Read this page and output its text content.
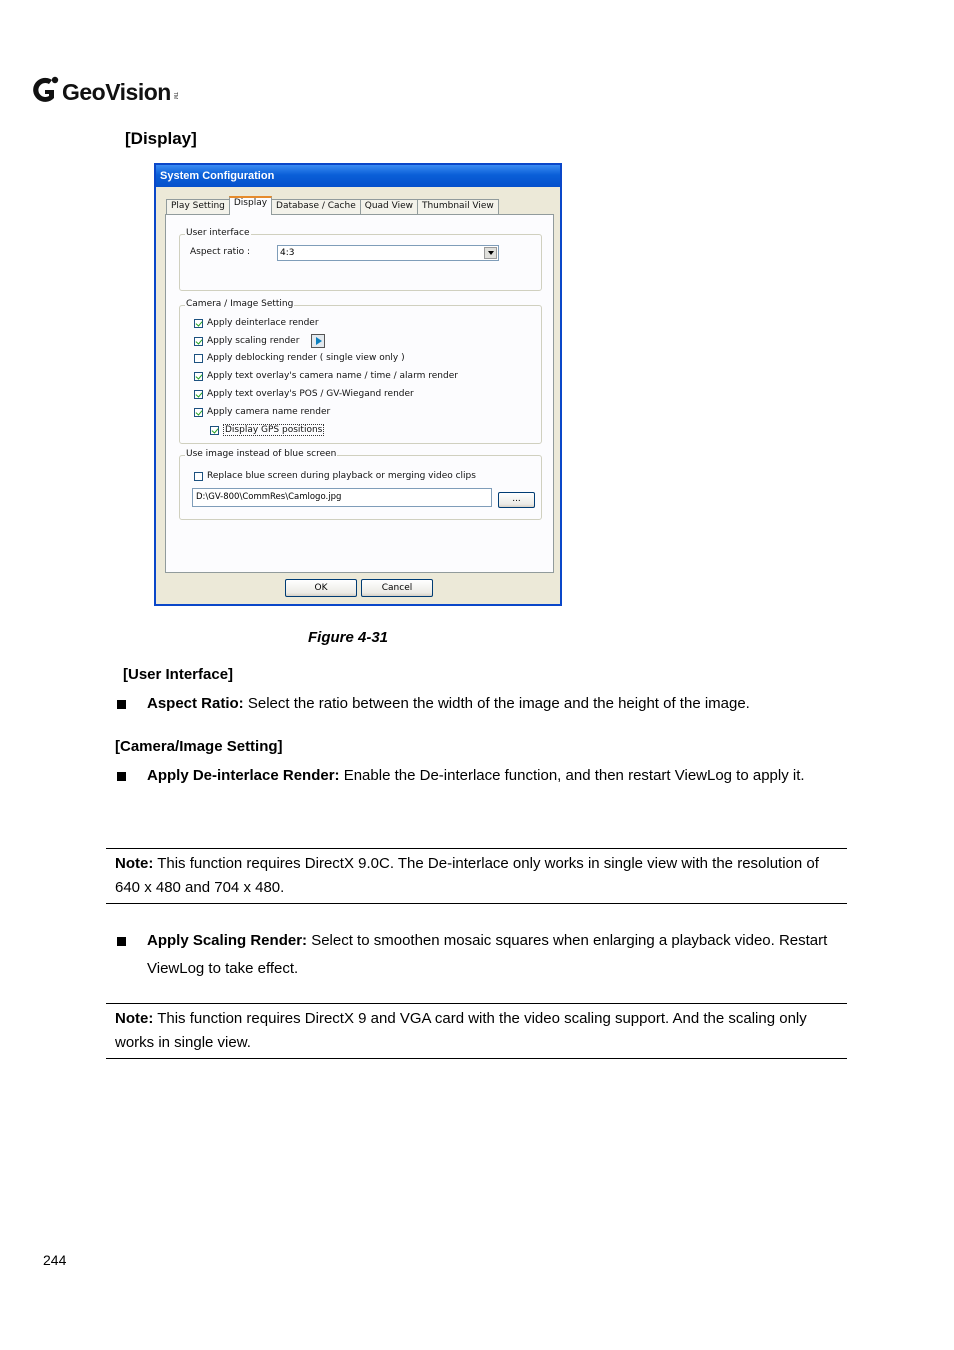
GeoVision TM
[Display]
System Configuration
Play Setting	Display	Database / Cache	Quad View	Thumbnail View
User interface
Aspect ratio :	4:3
Camera / Image Setting
Apply deinterlace render
Apply scaling render
Apply deblocking render ( single view only )
Apply text overlay's camera name / time / alarm render
Apply text overlay's POS / GV-Wiegand render
Apply camera name render
Display GPS positions
Use image instead of blue screen
Replace blue screen during playback or merging video clips
D:\GV-800\CommRes\Camlogo.jpg	...
OK	Cancel
Figure 4-31
[User Interface]
Aspect Ratio: Select the ratio between the width of the image and the height of the image.
[Camera/Image Setting]
Apply De-interlace Render: Enable the De-interlace function, and then restart ViewLog to apply it.
Note: This function requires DirectX 9.0C. The De-interlace only works in single view with the resolution of 640 x 480 and 704 x 480.
Apply Scaling Render: Select to smoothen mosaic squares when enlarging a playback video. Restart ViewLog to take effect.
Note: This function requires DirectX 9 and VGA card with the video scaling support. And the scaling only works in single view.
244
